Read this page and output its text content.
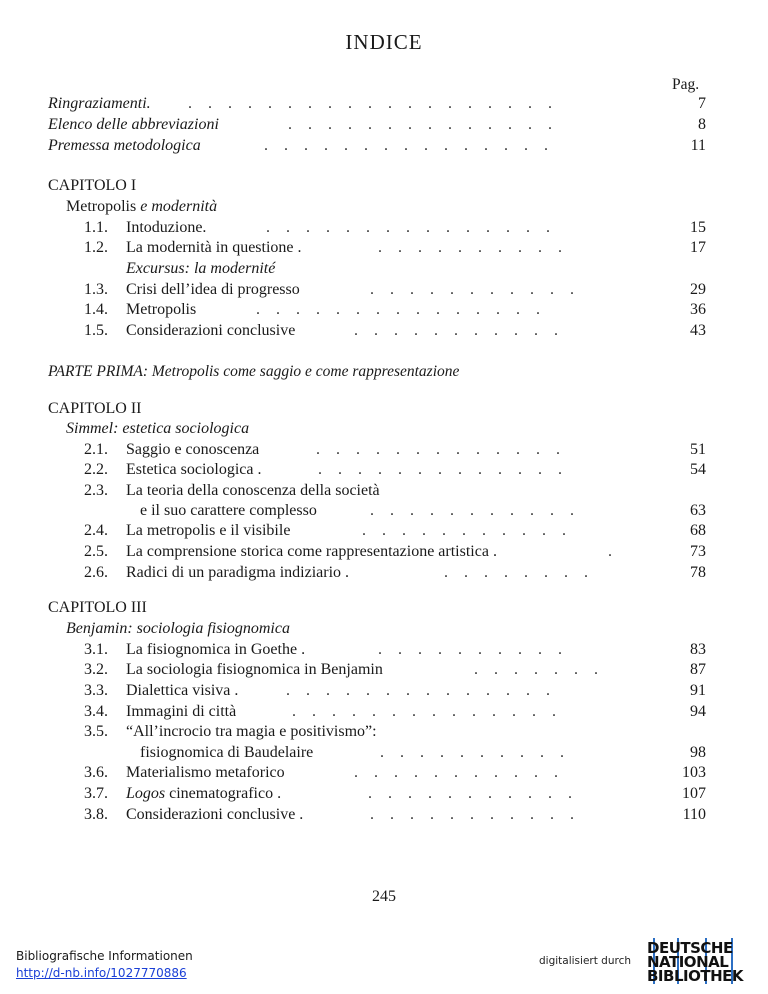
INDICE
Pag.
Ringraziamenti. .    .    .    .    .    .    .    .    .    .    .    .    .    .    .    .    .    .    .	7
Elenco delle abbreviazioni	.    .    .    .    .    .    .    .    .    .    .    .    .    .	8
Premessa metodologica	.    .    .    .    .    .    .    .    .    .    .    .    .    .    .	11
CAPITOLO I
Metropolis e modernità
1.1. Intoduzione.	.    .    .    .    .    .    .    .    .    .    .    .    .    .    .	15
1.2. La modernità in questione .	.    .    .    .    .    .    .    .    .    .	17
Excursus: la modernité
1.3. Crisi dell’idea di progresso	.    .    .    .    .    .    .    .    .    .    .	29
1.4. Metropolis	.    .    .    .    .    .    .    .    .    .    .    .    .    .    .	36
1.5. Considerazioni conclusive	.    .    .    .    .    .    .    .    .    .    .	43
PARTE PRIMA: Metropolis come saggio e come rappresentazione
CAPITOLO II
Simmel: estetica sociologica
2.1. Saggio e conoscenza	.    .    .    .    .    .    .    .    .    .    .    .    .	51
2.2. Estetica sociologica .	.    .    .    .    .    .    .    .    .    .    .    .    .	54
2.3. La teoria della conoscenza della società
e il suo carattere complesso	.    .    .    .    .    .    .    .    .    .    .	63
2.4. La metropolis e il visibile	.    .    .    .    .    .    .    .    .    .    .	68
2.5. La comprensione storica come rappresentazione artistica .	.	73
2.6. Radici di un paradigma indiziario .	.    .    .    .    .    .    .    .	78
CAPITOLO III
Benjamin: sociologia fisiognomica
3.1. La fisiognomica in Goethe .	.    .    .    .    .    .    .    .    .    .	83
3.2. La sociologia fisiognomica in Benjamin	.    .    .    .    .    .    .	87
3.3. Dialettica visiva .	.    .    .    .    .    .    .    .    .    .    .    .    .    .	91
3.4. Immagini di città	.    .    .    .    .    .    .    .    .    .    .    .    .    .	94
3.5. “All’incrocio tra magia e positivismo”:
fisiognomica di Baudelaire	.    .    .    .    .    .    .    .    .    .	98
3.6. Materialismo metaforico	.    .    .    .    .    .    .    .    .    .    .	103
3.7. Logos cinematografico .	.    .    .    .    .    .    .    .    .    .    .	107
3.8. Considerazioni conclusive .	.    .    .    .    .    .    .    .    .    .    .	110
245
Bibliografische Informationen
http://d-nb.info/1027770886
digitalisiert durch
DEUTSCHE
NATIONAL
BIBLIOTHEK
